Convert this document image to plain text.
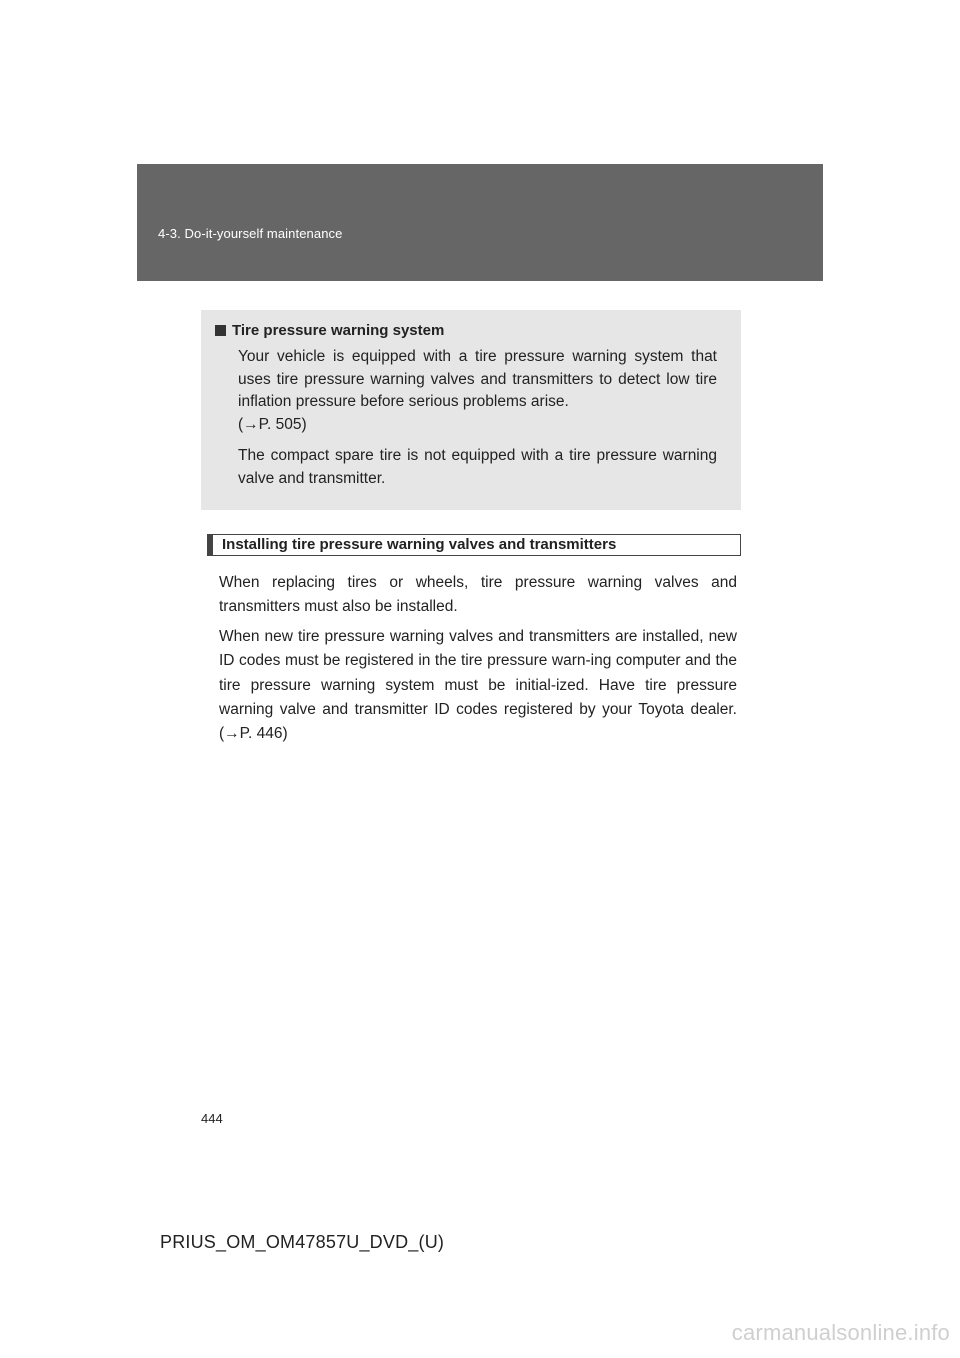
4-3. Do-it-yourself maintenance
Tire pressure warning system
Your vehicle is equipped with a tire pressure warning system that uses tire pressure warning valves and transmitters to detect low tire inflation pressure before serious problems arise.
(→P. 505)
The compact spare tire is not equipped with a tire pressure warning valve and transmitter.
Installing tire pressure warning valves and transmitters
When replacing tires or wheels, tire pressure warning valves and transmitters must also be installed.
When new tire pressure warning valves and transmitters are installed, new ID codes must be registered in the tire pressure warn-ing computer and the tire pressure warning system must be initial-ized. Have tire pressure warning valve and transmitter ID codes registered by your Toyota dealer. (→P. 446)
444
PRIUS_OM_OM47857U_DVD_(U)
carmanualsonline.info
